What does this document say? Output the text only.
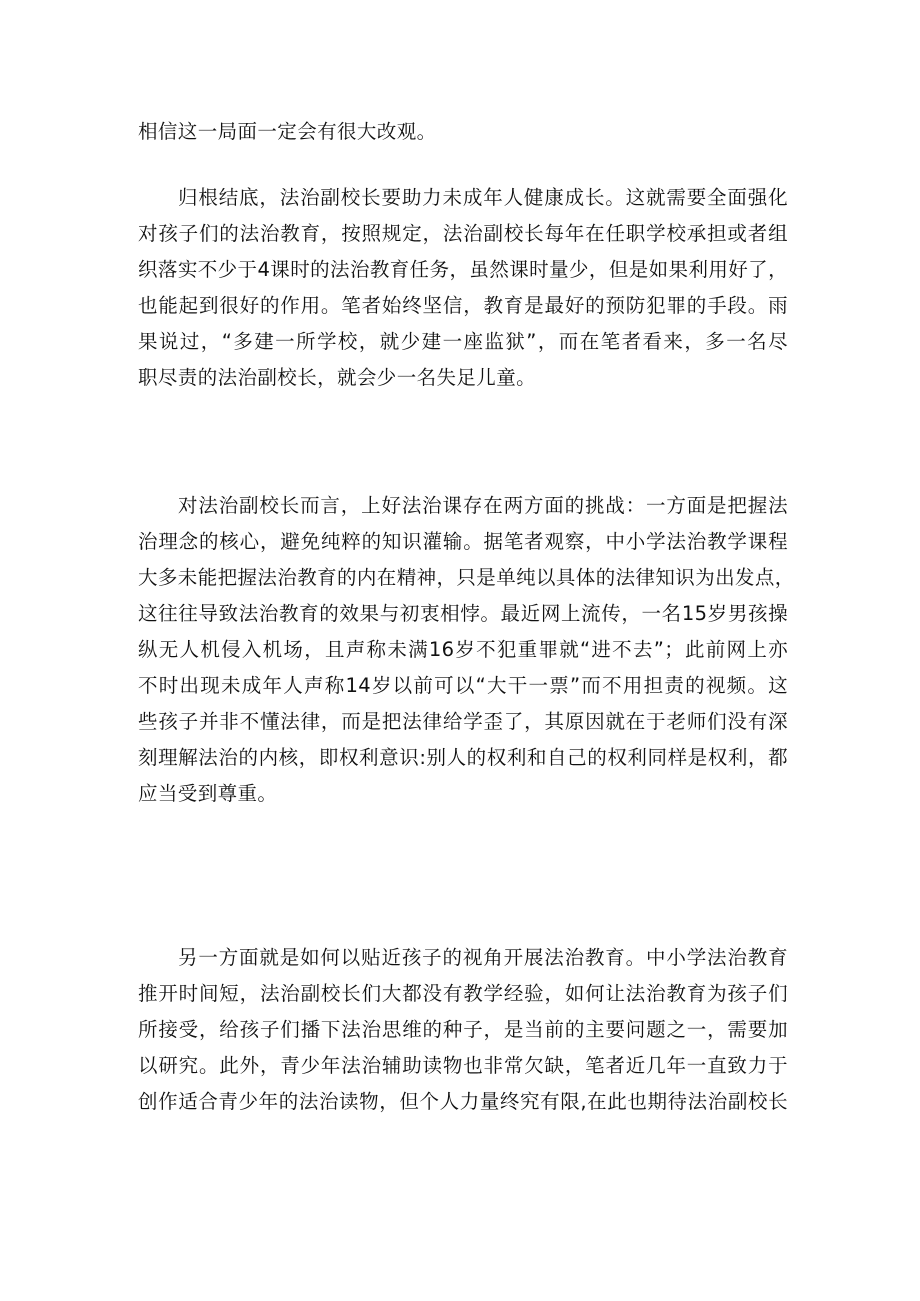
相信这一局面一定会有很大改观。
归根结底，法治副校长要助力未成年人健康成长。这就需要全面强化
对孩子们的法治教育，按照规定，法治副校长每年在任职学校承担或者组
织落实不少于4课时的法治教育任务，虽然课时量少，但是如果利用好了，
也能起到很好的作用。笔者始终坚信，教育是最好的预防犯罪的手段。雨
果说过，“多建一所学校，就少建一座监狱”，而在笔者看来，多一名尽
职尽责的法治副校长，就会少一名失足儿童。
对法治副校长而言，上好法治课存在两方面的挑战：一方面是把握法
治理念的核心，避免纯粹的知识灌输。据笔者观察，中小学法治教学课程
大多未能把握法治教育的内在精神，只是单纯以具体的法律知识为出发点，
这往往导致法治教育的效果与初衷相悖。最近网上流传，一名15岁男孩操
纵无人机侵入机场，且声称未满16岁不犯重罪就“进不去”；此前网上亦
不时出现未成年人声称14岁以前可以“大干一票”而不用担责的视频。这
些孩子并非不懂法律，而是把法律给学歪了，其原因就在于老师们没有深
刻理解法治的内核，即权利意识:别人的权利和自己的权利同样是权利，都
应当受到尊重。
另一方面就是如何以贴近孩子的视角开展法治教育。中小学法治教育
推开时间短，法治副校长们大都没有教学经验，如何让法治教育为孩子们
所接受，给孩子们播下法治思维的种子，是当前的主要问题之一，需要加
以研究。此外，青少年法治辅助读物也非常欠缺，笔者近几年一直致力于
创作适合青少年的法治读物，但个人力量终究有限,在此也期待法治副校长
